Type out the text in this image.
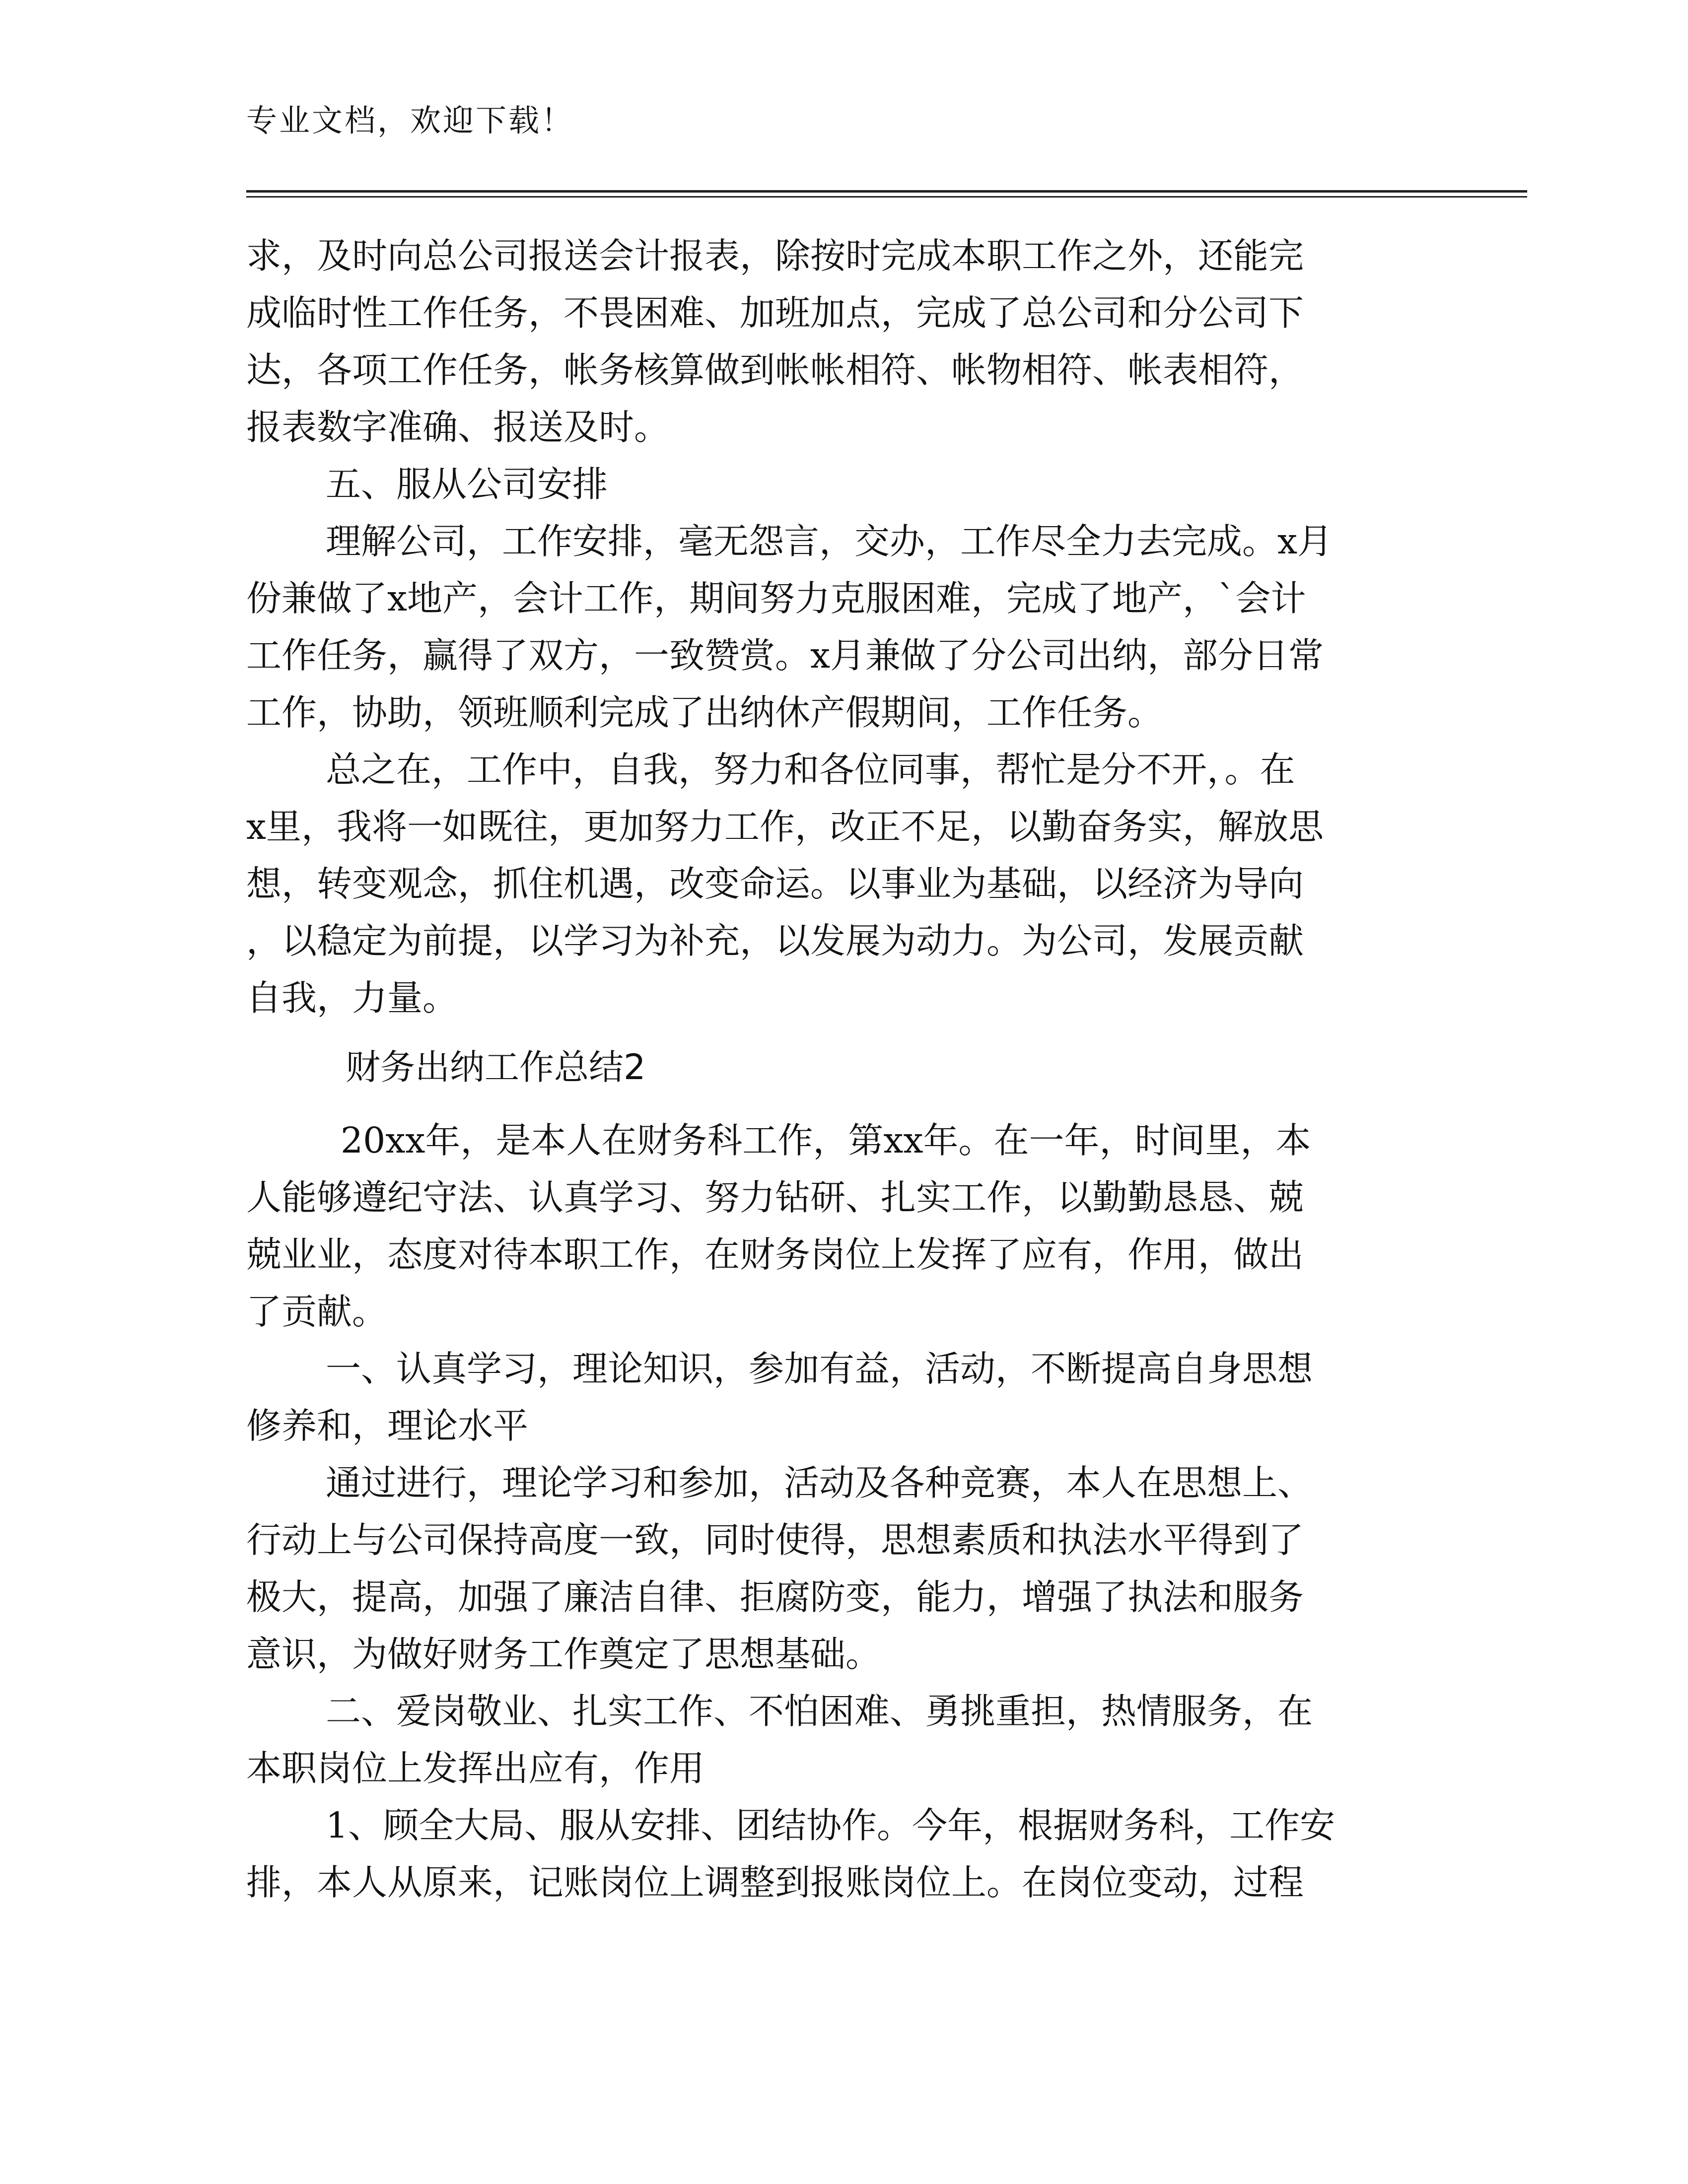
专业文档，欢迎下载！
求，及时向总公司报送会计报表，除按时完成本职工作之外，还能完
成临时性工作任务，不畏困难、加班加点，完成了总公司和分公司下
达，各项工作任务，帐务核算做到帐帐相符、帐物相符、帐表相符，
报表数字准确、报送及时。
五、服从公司安排
理解公司，工作安排，毫无怨言，交办，工作尽全力去完成。x月
份兼做了x地产，会计工作，期间努力克服困难，完成了地产，`会计
工作任务，赢得了双方，一致赞赏。x月兼做了分公司出纳，部分日常
工作，协助，领班顺利完成了出纳休产假期间，工作任务。
总之在，工作中，自我，努力和各位同事，帮忙是分不开，。在
x里，我将一如既往，更加努力工作，改正不足，以勤奋务实，解放思
想，转变观念，抓住机遇，改变命运。以事业为基础，以经济为导向
，以稳定为前提，以学习为补充，以发展为动力。为公司，发展贡献
自我，力量。
财务出纳工作总结2
20xx年，是本人在财务科工作，第xx年。在一年，时间里，本
人能够遵纪守法、认真学习、努力钻研、扎实工作，以勤勤恳恳、兢
兢业业，态度对待本职工作，在财务岗位上发挥了应有，作用，做出
了贡献。
一、认真学习，理论知识，参加有益，活动，不断提高自身思想
修养和，理论水平
通过进行，理论学习和参加，活动及各种竞赛，本人在思想上、
行动上与公司保持高度一致，同时使得，思想素质和执法水平得到了
极大，提高，加强了廉洁自律、拒腐防变，能力，增强了执法和服务
意识，为做好财务工作奠定了思想基础。
二、爱岗敬业、扎实工作、不怕困难、勇挑重担，热情服务，在
本职岗位上发挥出应有，作用
1、顾全大局、服从安排、团结协作。今年，根据财务科，工作安
排，本人从原来，记账岗位上调整到报账岗位上。在岗位变动，过程
